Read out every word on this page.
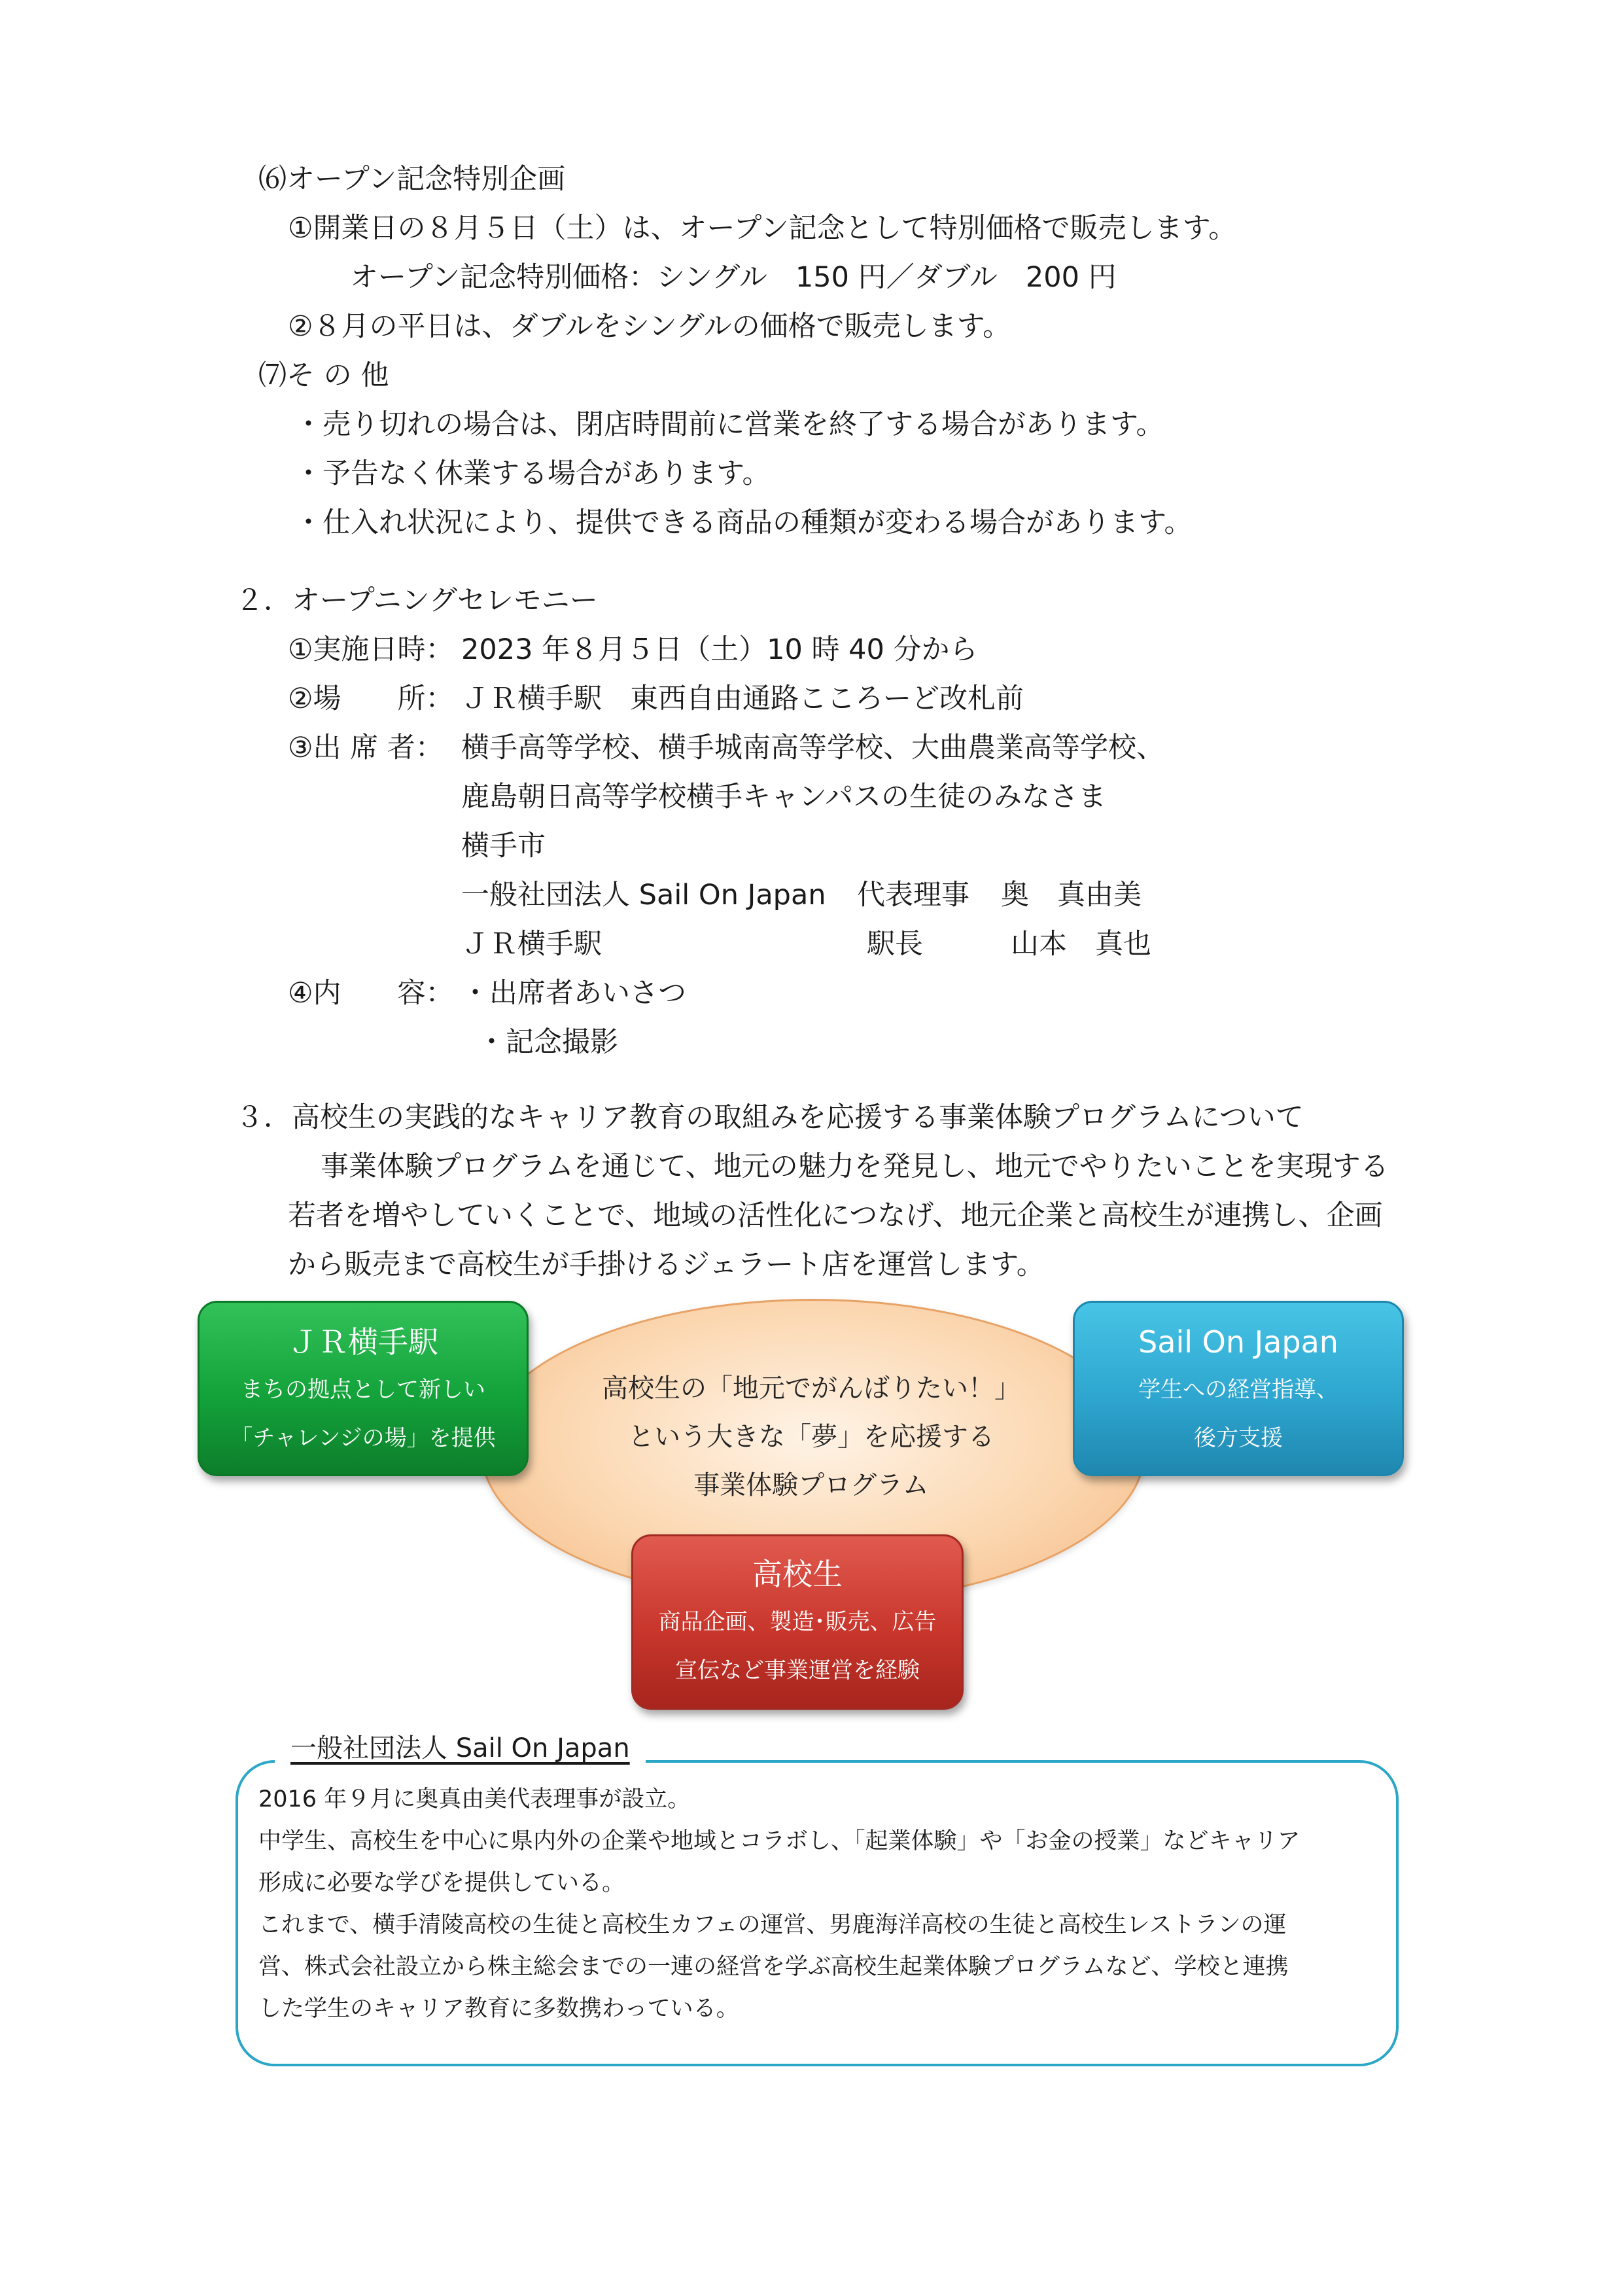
⑹オープン記念特別企画
①開業日の８月５日（土）は、オープン記念として特別価格で販売します。
オープン記念特別価格：シングル　150 円／ダブル　200 円
②８月の平日は、ダブルをシングルの価格で販売します。
⑺そ の 他
・売り切れの場合は、閉店時間前に営業を終了する場合があります。
・予告なく休業する場合があります。
・仕入れ状況により、提供できる商品の種類が変わる場合があります。
２．オープニングセレモニー
①実施日時： 2023 年８月５日（土）10 時 40 分から
②場　　所： ＪＲ横手駅　東西自由通路こころーど改札前
③出 席 者： 横手高等学校、横手城南高等学校、大曲農業高等学校、
鹿島朝日高等学校横手キャンパスの生徒のみなさま
横手市
一般社団法人 Sail On Japan 代表理事 奥　真由美
ＪＲ横手駅	駅長	山本　真也
④内　　容： ・出席者あいさつ
・記念撮影
３．高校生の実践的なキャリア教育の取組みを応援する事業体験プログラムについて
事業体験プログラムを通じて、地元の魅力を発見し、地元でやりたいことを実現する
若者を増やしていくことで、地域の活性化につなげ、地元企業と高校生が連携し、企画
から販売まで高校生が手掛けるジェラート店を運営します。
高校生の「地元でがんばりたい！」
という大きな「夢」を応援する
事業体験プログラム
ＪＲ横手駅
まちの拠点として新しい
「チャレンジの場」を提供
Sail On Japan
学生への経営指導、
後方支援
高校生
商品企画、製造･販売、広告
宣伝など事業運営を経験
一般社団法人 Sail On Japan
2016 年９月に奥真由美代表理事が設立。
中学生、高校生を中心に県内外の企業や地域とコラボし、「起業体験」や「お金の授業」などキャリア
形成に必要な学びを提供している。
これまで、横手清陵高校の生徒と高校生カフェの運営、男鹿海洋高校の生徒と高校生レストランの運
営、株式会社設立から株主総会までの一連の経営を学ぶ高校生起業体験プログラムなど、学校と連携
した学生のキャリア教育に多数携わっている。
